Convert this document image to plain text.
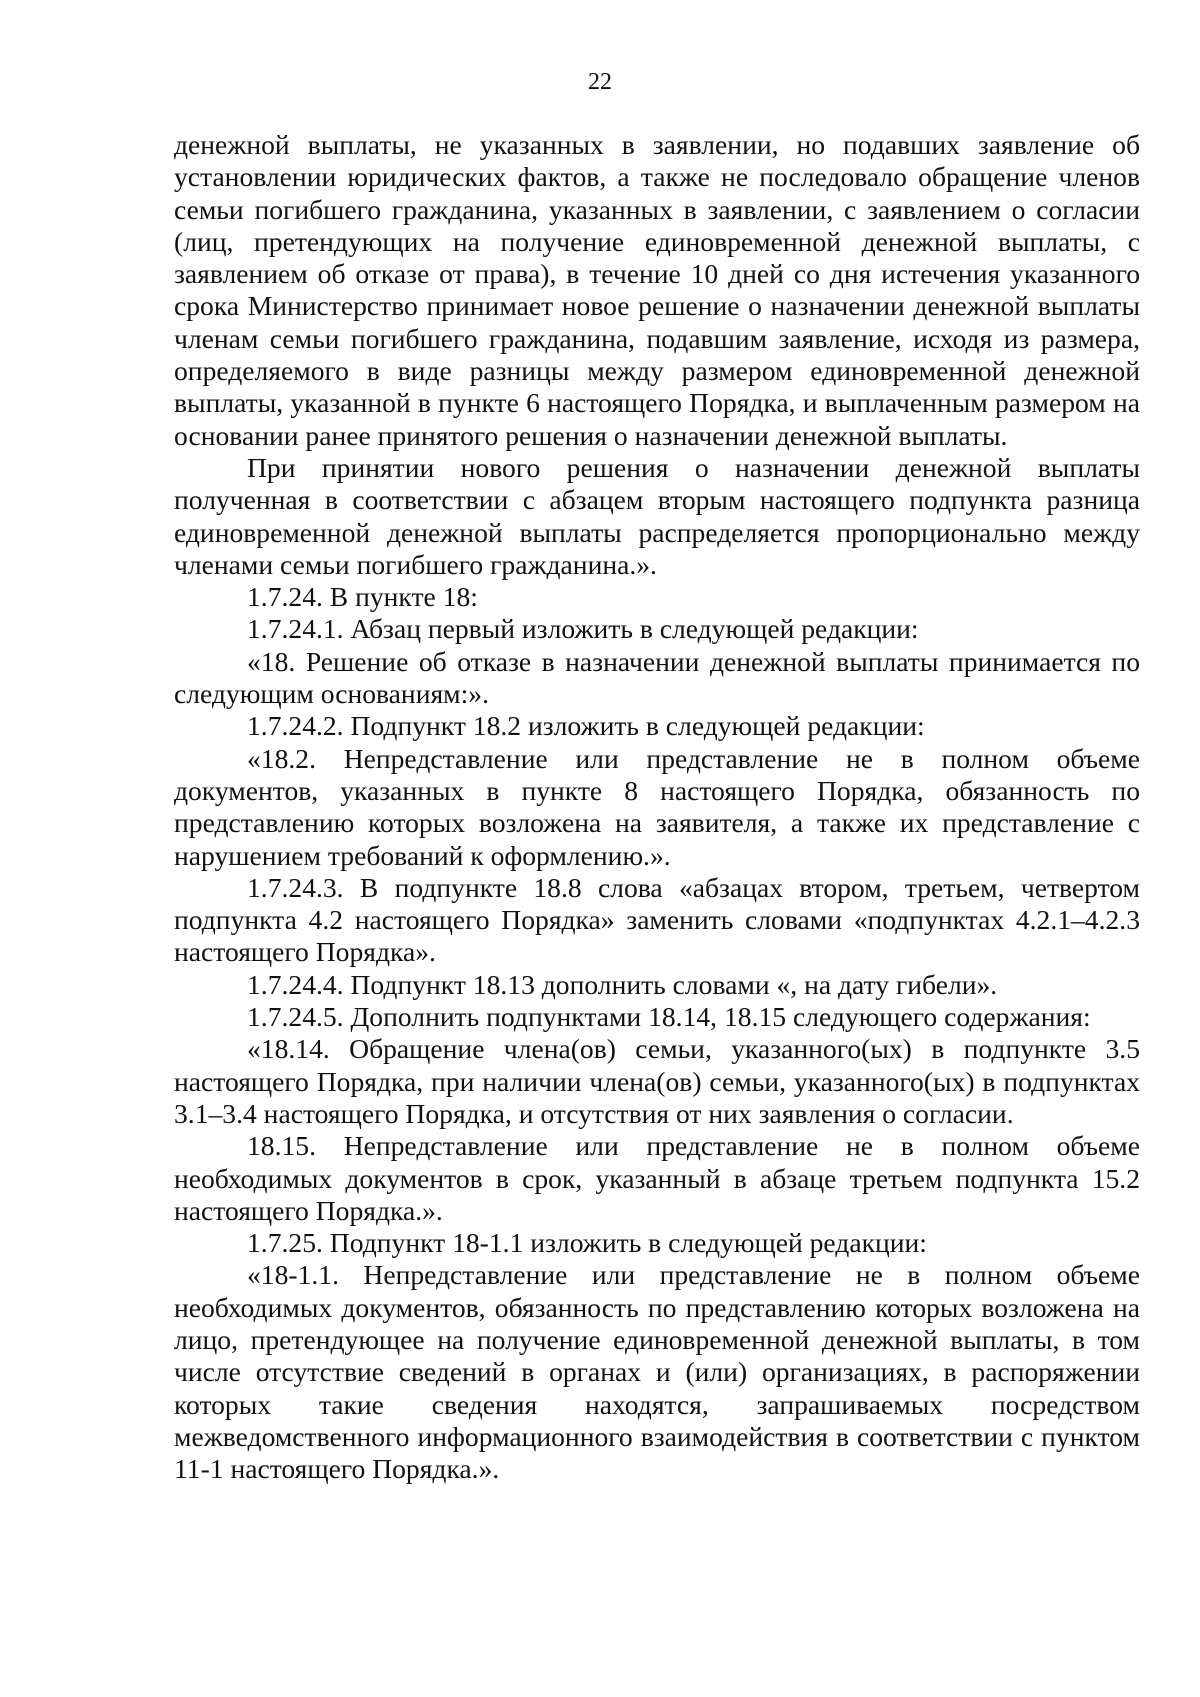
22

денежной выплаты, не указанных в заявлении, но подавших заявление об установлении юридических фактов, а также не последовало обращение членов семьи погибшего гражданина, указанных в заявлении, с заявлением о согласии (лиц, претендующих на получение единовременной денежной выплаты, с заявлением об отказе от права), в течение 10 дней со дня истечения указанного срока Министерство принимает новое решение о назначении денежной выплаты членам семьи погибшего гражданина, подавшим заявление, исходя из размера, определяемого в виде разницы между размером единовременной денежной выплаты, указанной в пункте 6 настоящего Порядка, и выплаченным размером на основании ранее принятого решения о назначении денежной выплаты.

При принятии нового решения о назначении денежной выплаты полученная в соответствии с абзацем вторым настоящего подпункта разница единовременной денежной выплаты распределяется пропорционально между членами семьи погибшего гражданина.».

1.7.24. В пункте 18:

1.7.24.1. Абзац первый изложить в следующей редакции:

«18. Решение об отказе в назначении денежной выплаты принимается по следующим основаниям:».

1.7.24.2. Подпункт 18.2 изложить в следующей редакции:

«18.2. Непредставление или представление не в полном объеме документов, указанных в пункте 8 настоящего Порядка, обязанность по представлению которых возложена на заявителя, а также их представление с нарушением требований к оформлению.».

1.7.24.3. В подпункте 18.8 слова «абзацах втором, третьем, четвертом подпункта 4.2 настоящего Порядка» заменить словами «подпунктах 4.2.1–4.2.3 настоящего Порядка».

1.7.24.4. Подпункт 18.13 дополнить словами «, на дату гибели».

1.7.24.5. Дополнить подпунктами 18.14, 18.15 следующего содержания:

«18.14. Обращение члена(ов) семьи, указанного(ых) в подпункте 3.5 настоящего Порядка, при наличии члена(ов) семьи, указанного(ых) в подпунктах 3.1–3.4 настоящего Порядка, и отсутствия от них заявления о согласии.

18.15. Непредставление или представление не в полном объеме необходимых документов в срок, указанный в абзаце третьем подпункта 15.2 настоящего Порядка.».

1.7.25. Подпункт 18-1.1 изложить в следующей редакции:

«18-1.1. Непредставление или представление не в полном объеме необходимых документов, обязанность по представлению которых возложена на лицо, претендующее на получение единовременной денежной выплаты, в том числе отсутствие сведений в органах и (или) организациях, в распоряжении которых такие сведения находятся, запрашиваемых посредством межведомственного информационного взаимодействия в соответствии с пунктом 11-1 настоящего Порядка.».
